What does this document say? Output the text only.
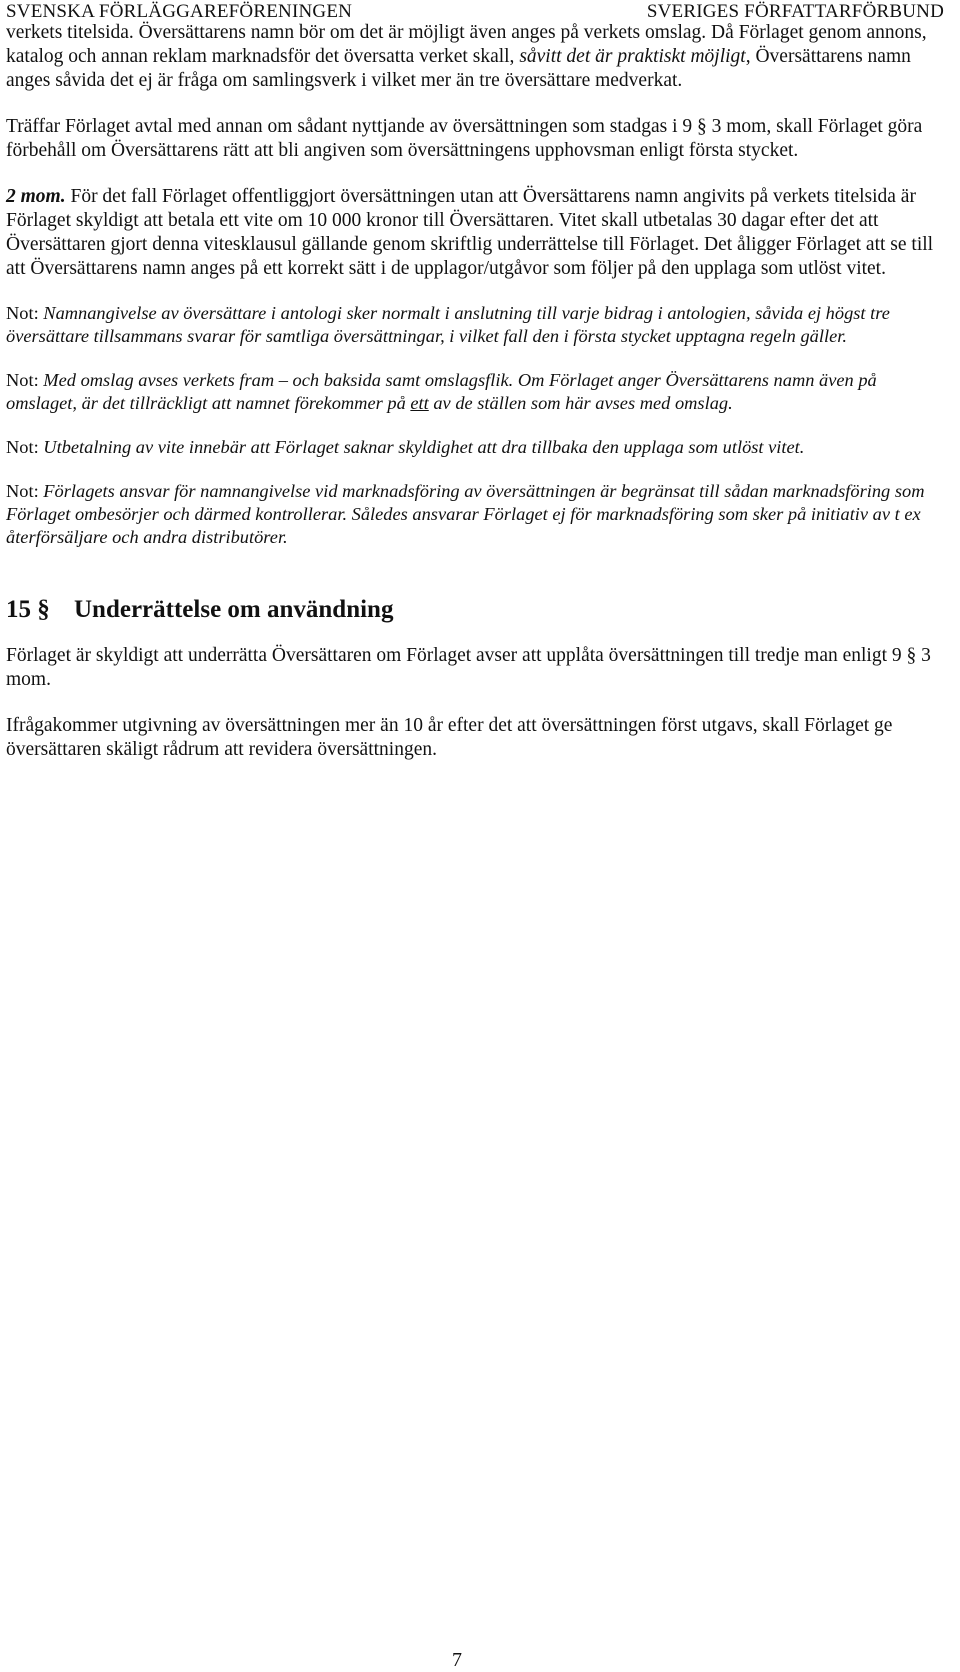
SVENSKA FÖRLÄGGAREFÖRENINGEN	SVERIGES FÖRFATTARFÖRBUND

verkets titelsida. Översättarens namn bör om det är möjligt även anges på verkets omslag. Då Förlaget genom annons, katalog och annan reklam marknadsför det översatta verket skall, såvitt det är praktiskt möjligt, Översättarens namn anges såvida det ej är fråga om samlingsverk i vilket mer än tre översättare medverkat.

Träffar Förlaget avtal med annan om sådant nyttjande av översättningen som stadgas i 9 § 3 mom, skall Förlaget göra förbehåll om Översättarens rätt att bli angiven som översättningens upphovsman enligt första stycket.

2 mom. För det fall Förlaget offentliggjort översättningen utan att Översättarens namn angivits på verkets titelsida är Förlaget skyldigt att betala ett vite om 10 000 kronor till Översättaren. Vitet skall utbetalas 30 dagar efter det att Översättaren gjort denna vitesklausul gällande genom skriftlig underrättelse till Förlaget. Det åligger Förlaget att se till att Översättarens namn anges på ett korrekt sätt i de upplagor/utgåvor som följer på den upplaga som utlöst vitet.

Not: Namnangivelse av översättare i antologi sker normalt i anslutning till varje bidrag i antologien, såvida ej högst tre översättare tillsammans svarar för samtliga översättningar, i vilket fall den i första stycket upptagna regeln gäller.

Not: Med omslag avses verkets fram – och baksida samt omslagsflik. Om Förlaget anger Översättarens namn även på omslaget, är det tillräckligt att namnet förekommer på ett av de ställen som här avses med omslag.

Not: Utbetalning av vite innebär att Förlaget saknar skyldighet att dra tillbaka den upplaga som utlöst vitet.

Not: Förlagets ansvar för namnangivelse vid marknadsföring av översättningen är begränsat till sådan marknadsföring som Förlaget ombesörjer och därmed kontrollerar. Således ansvarar Förlaget ej för marknadsföring som sker på initiativ av t ex återförsäljare och andra distributörer.

15 § Underrättelse om användning

Förlaget är skyldigt att underrätta Översättaren om Förlaget avser att upplåta översättningen till tredje man enligt 9 § 3 mom.

Ifrågakommer utgivning av översättningen mer än 10 år efter det att översättningen först utgavs, skall Förlaget ge översättaren skäligt rådrum att revidera översättningen.

7
